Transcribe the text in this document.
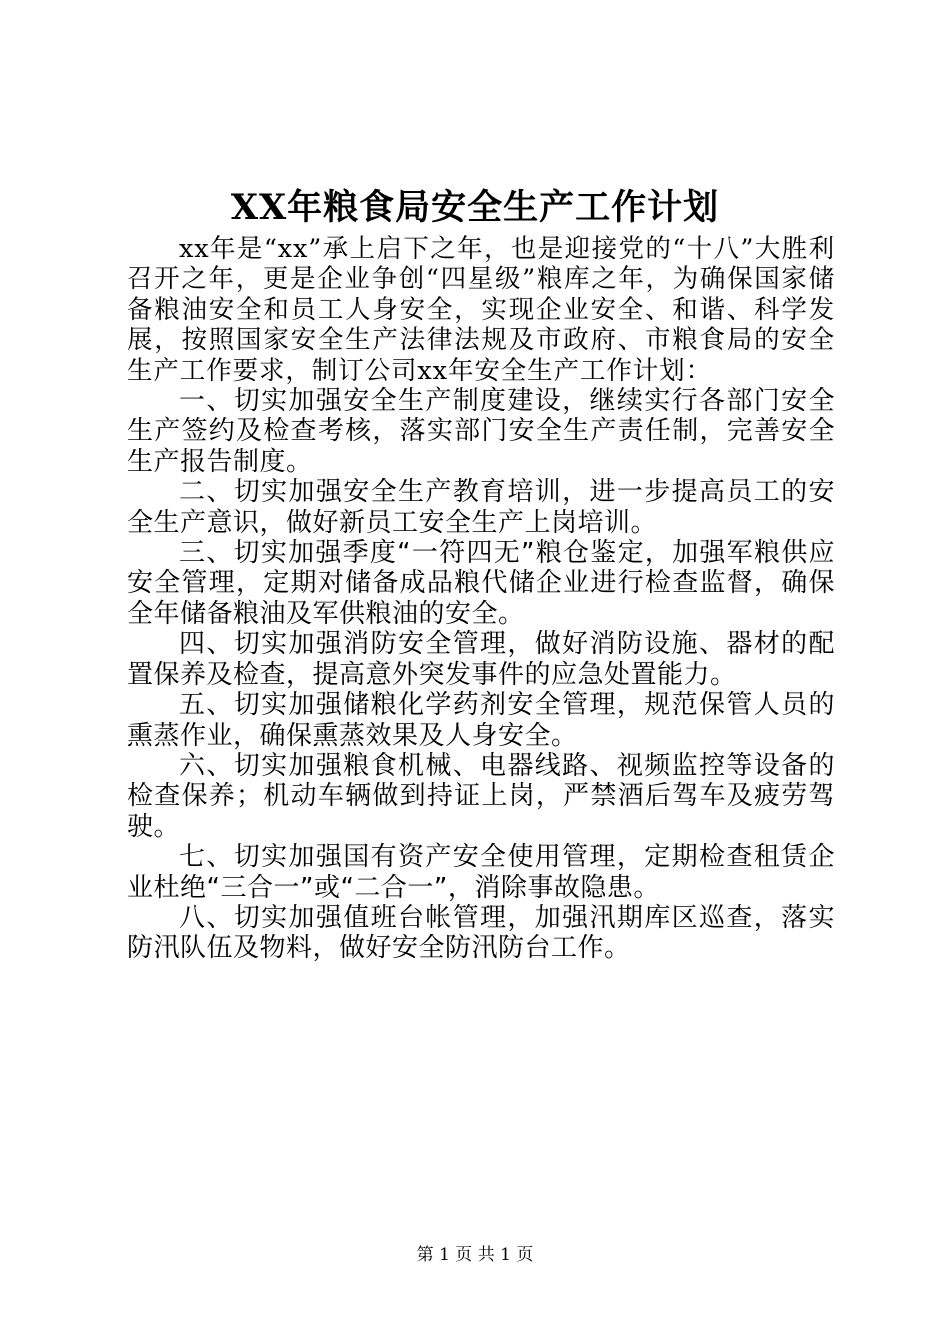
XX年粮食局安全生产工作计划

xx年是“xx”承上启下之年，也是迎接党的“十八”大胜利召开之年，更是企业争创“四星级”粮库之年，为确保国家储备粮油安全和员工人身安全，实现企业安全、和谐、科学发展，按照国家安全生产法律法规及市政府、市粮食局的安全生产工作要求，制订公司xx年安全生产工作计划：

一、切实加强安全生产制度建设，继续实行各部门安全生产签约及检查考核，落实部门安全生产责任制，完善安全生产报告制度。

二、切实加强安全生产教育培训，进一步提高员工的安全生产意识，做好新员工安全生产上岗培训。

三、切实加强季度“一符四无”粮仓鉴定，加强军粮供应安全管理，定期对储备成品粮代储企业进行检查监督，确保全年储备粮油及军供粮油的安全。

四、切实加强消防安全管理，做好消防设施、器材的配置保养及检查，提高意外突发事件的应急处置能力。

五、切实加强储粮化学药剂安全管理，规范保管人员的熏蒸作业，确保熏蒸效果及人身安全。

六、切实加强粮食机械、电器线路、视频监控等设备的检查保养；机动车辆做到持证上岗，严禁酒后驾车及疲劳驾驶。

七、切实加强国有资产安全使用管理，定期检查租赁企业杜绝“三合一”或“二合一”，消除事故隐患。

八、切实加强值班台帐管理，加强汛期库区巡查，落实防汛队伍及物料，做好安全防汛防台工作。

第 1 页 共 1 页
